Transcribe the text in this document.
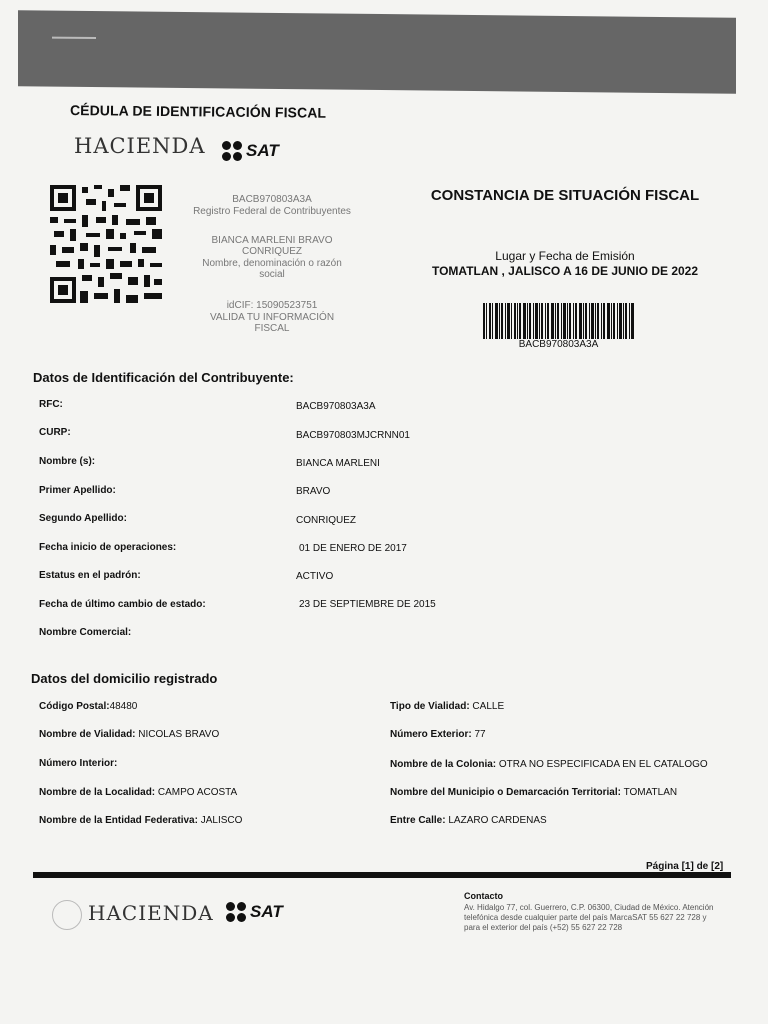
CÉDULA DE IDENTIFICACIÓN FISCAL
HACIENDA SAT
BACB970803A3A
Registro Federal de Contribuyentes
BIANCA MARLENI BRAVO CONRIQUEZ
Nombre, denominación o razón social
idCIF: 15090523751
VALIDA TU INFORMACIÓN FISCAL
CONSTANCIA DE SITUACIÓN FISCAL
Lugar y Fecha de Emisión
TOMATLAN , JALISCO A 16 DE JUNIO DE 2022
BACB970803A3A
Datos de Identificación del Contribuyente:
RFC:	BACB970803A3A
CURP:	BACB970803MJCRNN01
Nombre (s):	BIANCA MARLENI
Primer Apellido:	BRAVO
Segundo Apellido:	CONRIQUEZ
Fecha inicio de operaciones:	01 DE ENERO DE 2017
Estatus en el padrón:	ACTIVO
Fecha de último cambio de estado:	23 DE SEPTIEMBRE DE 2015
Nombre Comercial:
Datos del domicilio registrado
Código Postal:48480
Nombre de Vialidad: NICOLAS BRAVO
Número Interior:
Nombre de la Localidad: CAMPO ACOSTA
Nombre de la Entidad Federativa: JALISCO
Tipo de Vialidad: CALLE
Número Exterior: 77
Nombre de la Colonia: OTRA NO ESPECIFICADA EN EL CATALOGO
Nombre del Municipio o Demarcación Territorial: TOMATLAN
Entre Calle: LAZARO CARDENAS
Página [1] de [2]
HACIENDA SAT
Contacto
Av. Hidalgo 77, col. Guerrero, C.P. 06300, Ciudad de México. Atención telefónica desde cualquier parte del país MarcaSAT 55 627 22 728 y para el exterior del país (+52) 55 627 22 728
